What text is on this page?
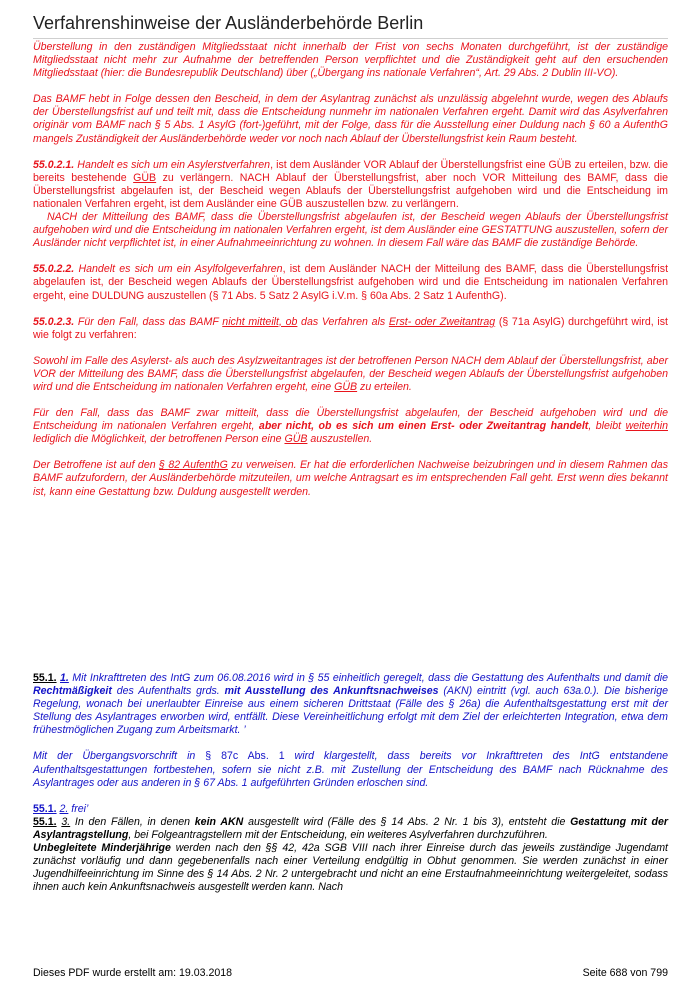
Verfahrenshinweise der Ausländerbehörde Berlin

Überstellung in den zuständigen Mitgliedsstaat nicht innerhalb der Frist von sechs Monaten durchgeführt, ist der zuständige Mitgliedsstaat nicht mehr zur Aufnahme der betreffenden Person verpflichtet und die Zuständigkeit geht auf den ersuchenden Mitgliedsstaat (hier: die Bundesrepublik Deutschland) über („Übergang ins nationale Verfahren“, Art. 29 Abs. 2 Dublin III-VO).

Das BAMF hebt in Folge dessen den Bescheid, in dem der Asylantrag zunächst als unzulässig abgelehnt wurde, wegen des Ablaufs der Überstellungsfrist auf und teilt mit, dass die Entscheidung nunmehr im nationalen Verfahren ergeht. Damit wird das Asylverfahren originär vom BAMF nach § 5 Abs. 1 AsylG (fort-)geführt, mit der Folge, dass für die Ausstellung einer Duldung nach § 60 a AufenthG mangels Zuständigkeit der Ausländerbehörde weder vor noch nach Ablauf der Überstellungsfrist kein Raum besteht.

55.0.2.1. Handelt es sich um ein Asylerstverfahren, ist dem Ausländer VOR Ablauf der Überstellungsfrist eine GÜB zu erteilen, bzw. die bereits bestehende GÜB zu verlängern. NACH Ablauf der Überstellungsfrist, aber noch VOR Mitteilung des BAMF, dass die Überstellungsfrist abgelaufen ist, der Bescheid wegen Ablaufs der Überstellungsfrist aufgehoben wird und die Entscheidung im nationalen Verfahren ergeht, ist dem Ausländer eine GÜB auszustellen bzw. zu verlängern.

NACH der Mitteilung des BAMF, dass die Überstellungsfrist abgelaufen ist, der Bescheid wegen Ablaufs der Überstellungsfrist aufgehoben wird und die Entscheidung im nationalen Verfahren ergeht, ist dem Ausländer eine GESTATTUNG auszustellen, sofern der Ausländer nicht verpflichtet ist, in einer Aufnahmeeinrichtung zu wohnen. In diesem Fall wäre das BAMF die zuständige Behörde.

55.0.2.2. Handelt es sich um ein Asylfolgeverfahren, ist dem Ausländer NACH der Mitteilung des BAMF, dass die Überstellungsfrist abgelaufen ist, der Bescheid wegen Ablaufs der Überstellungsfrist aufgehoben wird und die Entscheidung im nationalen Verfahren ergeht, eine DULDUNG auszustellen (§ 71 Abs. 5 Satz 2 AsylG i.V.m. § 60a Abs. 2 Satz 1 AufenthG).

55.0.2.3. Für den Fall, dass das BAMF nicht mitteilt, ob das Verfahren als Erst- oder Zweitantrag (§ 71a AsylG) durchgeführt wird, ist wie folgt zu verfahren:

Sowohl im Falle des Asylerst- als auch des Asylzweitantrages ist der betroffenen Person NACH dem Ablauf der Überstellungsfrist, aber VOR der Mitteilung des BAMF, dass die Überstellungsfrist abgelaufen, der Bescheid wegen Ablaufs der Überstellungsfrist aufgehoben wird und die Entscheidung im nationalen Verfahren ergeht, eine GÜB zu erteilen.

Für den Fall, dass das BAMF zwar mitteilt, dass die Überstellungsfrist abgelaufen, der Bescheid aufgehoben wird und die Entscheidung im nationalen Verfahren ergeht, aber nicht, ob es sich um einen Erst- oder Zweitantrag handelt, bleibt weiterhin lediglich die Möglichkeit, der betroffenen Person eine GÜB auszustellen.

Der Betroffene ist auf den § 82 AufenthG zu verweisen. Er hat die erforderlichen Nachweise beizubringen und in diesem Rahmen das BAMF aufzufordern, der Ausländerbehörde mitzuteilen, um welche Antragsart es im entsprechenden Fall geht. Erst wenn dies bekannt ist, kann eine Gestattung bzw. Duldung ausgestellt werden.

55.1. 1. Mit Inkrafttreten des IntG zum 06.08.2016 wird in § 55 einheitlich geregelt, dass die Gestattung des Aufenthalts und damit die Rechtmäßigkeit des Aufenthalts grds. mit Ausstellung des Ankunftsnachweises (AKN) eintritt (vgl. auch 63a.0.). Die bisherige Regelung, wonach bei unerlaubter Einreise aus einem sicheren Drittstaat (Fälle des § 26a) die Aufenthaltsgestattung erst mit der Stellung des Asylantrages erworben wird, entfällt. Diese Vereinheitlichung erfolgt mit dem Ziel der erleichterten Integration, etwa dem frühestmöglichen Zugang zum Arbeitsmarkt. ’

Mit der Übergangsvorschrift in § 87c Abs. 1 wird klargestellt, dass bereits vor Inkrafttreten des IntG entstandene Aufenthaltsgestattungen fortbestehen, sofern sie nicht z.B. mit Zustellung der Entscheidung des BAMF nach Rücknahme des Asylantrages oder aus anderen in § 67 Abs. 1 aufgeführten Gründen erloschen sind.

55.1. 2. frei’

55.1. 3. In den Fällen, in denen kein AKN ausgestellt wird (Fälle des § 14 Abs. 2 Nr. 1 bis 3), entsteht die Gestattung mit der Asylantragstellung, bei Folgeantragstellern mit der Entscheidung, ein weiteres Asylverfahren durchzuführen.
Unbegleitete Minderjährige werden nach den §§ 42, 42a SGB VIII nach ihrer Einreise durch das jeweils zuständige Jugendamt zunächst vorläufig und dann gegebenenfalls nach einer Verteilung endgültig in Obhut genommen. Sie werden zunächst in einer Jugendhilfeeinrichtung im Sinne des § 14 Abs. 2 Nr. 2 untergebracht und nicht an eine Erstaufnahmeeinrichtung weitergeleitet, sodass ihnen auch kein Ankunftsnachweis ausgestellt werden kann. Nach

Dieses PDF wurde erstellt am: 19.03.2018	Seite 688 von 799
